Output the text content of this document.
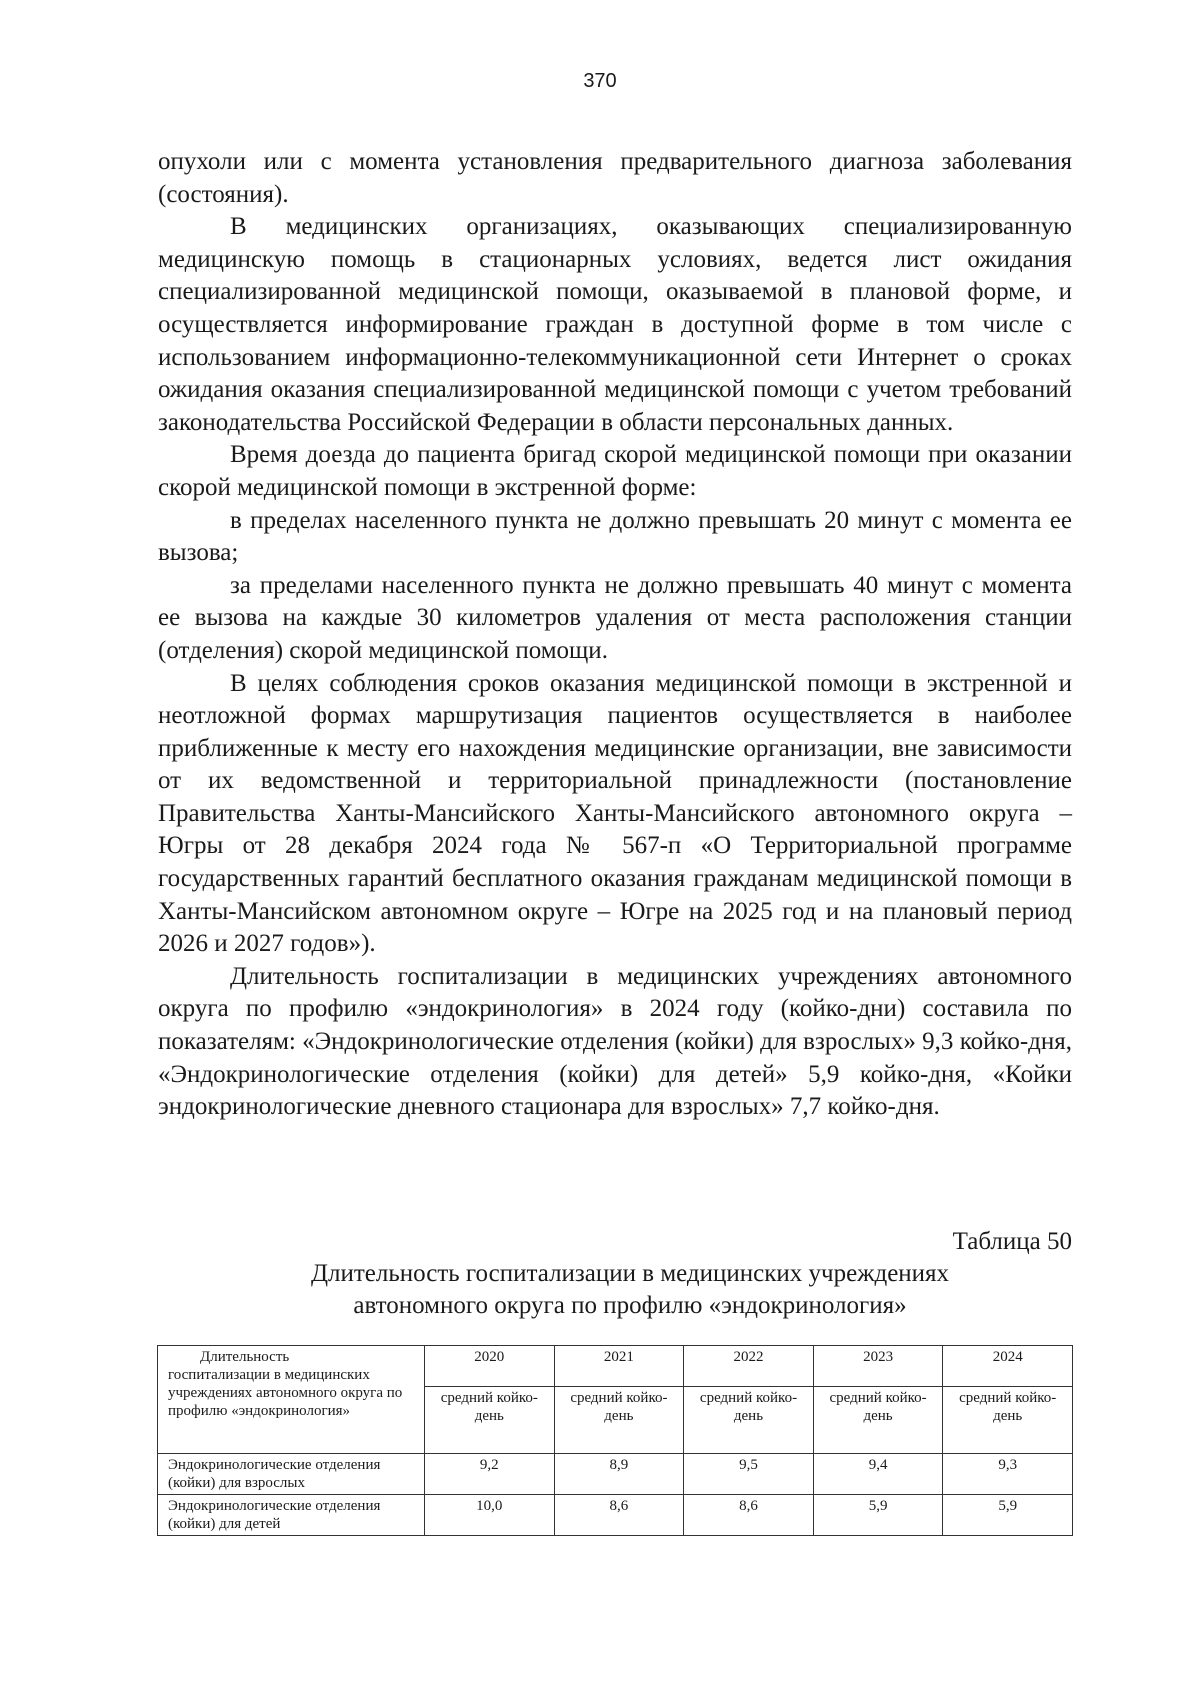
370

опухоли или с момента установления предварительного диагноза заболевания (состояния).

В медицинских организациях, оказывающих специализированную медицинскую помощь в стационарных условиях, ведется лист ожидания специализированной медицинской помощи, оказываемой в плановой форме, и осуществляется информирование граждан в доступной форме в том числе с использованием информационно-телекоммуникационной сети Интернет о сроках ожидания оказания специализированной медицинской помощи с учетом требований законодательства Российской Федерации в области персональных данных.

Время доезда до пациента бригад скорой медицинской помощи при оказании скорой медицинской помощи в экстренной форме:

в пределах населенного пункта не должно превышать 20 минут с момента ее вызова;

за пределами населенного пункта не должно превышать 40 минут с момента ее вызова на каждые 30 километров удаления от места расположения станции (отделения) скорой медицинской помощи.

В целях соблюдения сроков оказания медицинской помощи в экстренной и неотложной формах маршрутизация пациентов осуществляется в наиболее приближенные к месту его нахождения медицинские организации, вне зависимости от их ведомственной и территориальной принадлежности (постановление Правительства Ханты-Мансийского Ханты-Мансийского автономного округа – Югры от 28 декабря 2024 года № 567-п «О Территориальной программе государственных гарантий бесплатного оказания гражданам медицинской помощи в Ханты-Мансийском автономном округе – Югре на 2025 год и на плановый период 2026 и 2027 годов»).

Длительность госпитализации в медицинских учреждениях автономного округа по профилю «эндокринология» в 2024 году (койко-дни) составила по показателям: «Эндокринологические отделения (койки) для взрослых» 9,3 койко-дня, «Эндокринологические отделения (койки) для детей» 5,9 койко-дня, «Койки эндокринологические дневного стационара для взрослых» 7,7 койко-дня.

Таблица 50
Длительность госпитализации в медицинских учреждениях
автономного округа по профилю «эндокринология»
Длительность
госпитализации в медицинских учреждениях автономного округа по профилю «эндокринология»	2020	2021	2022	2023	2024
	средний койко-день	средний койко-день	средний койко-день	средний койко-день	средний койко-день
Эндокринологические отделения (койки) для взрослых	9,2	8,9	9,5	9,4	9,3
Эндокринологические отделения (койки) для детей	10,0	8,6	8,6	5,9	5,9
